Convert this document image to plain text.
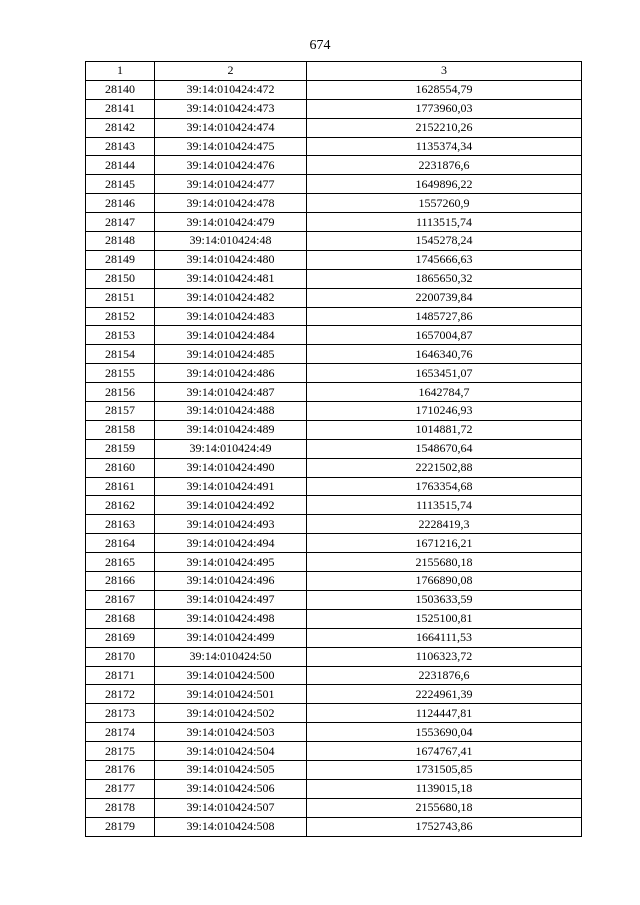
674
1	2	3
28140	39:14:010424:472	1628554,79
28141	39:14:010424:473	1773960,03
28142	39:14:010424:474	2152210,26
28143	39:14:010424:475	1135374,34
28144	39:14:010424:476	2231876,6
28145	39:14:010424:477	1649896,22
28146	39:14:010424:478	1557260,9
28147	39:14:010424:479	1113515,74
28148	39:14:010424:48	1545278,24
28149	39:14:010424:480	1745666,63
28150	39:14:010424:481	1865650,32
28151	39:14:010424:482	2200739,84
28152	39:14:010424:483	1485727,86
28153	39:14:010424:484	1657004,87
28154	39:14:010424:485	1646340,76
28155	39:14:010424:486	1653451,07
28156	39:14:010424:487	1642784,7
28157	39:14:010424:488	1710246,93
28158	39:14:010424:489	1014881,72
28159	39:14:010424:49	1548670,64
28160	39:14:010424:490	2221502,88
28161	39:14:010424:491	1763354,68
28162	39:14:010424:492	1113515,74
28163	39:14:010424:493	2228419,3
28164	39:14:010424:494	1671216,21
28165	39:14:010424:495	2155680,18
28166	39:14:010424:496	1766890,08
28167	39:14:010424:497	1503633,59
28168	39:14:010424:498	1525100,81
28169	39:14:010424:499	1664111,53
28170	39:14:010424:50	1106323,72
28171	39:14:010424:500	2231876,6
28172	39:14:010424:501	2224961,39
28173	39:14:010424:502	1124447,81
28174	39:14:010424:503	1553690,04
28175	39:14:010424:504	1674767,41
28176	39:14:010424:505	1731505,85
28177	39:14:010424:506	1139015,18
28178	39:14:010424:507	2155680,18
28179	39:14:010424:508	1752743,86
